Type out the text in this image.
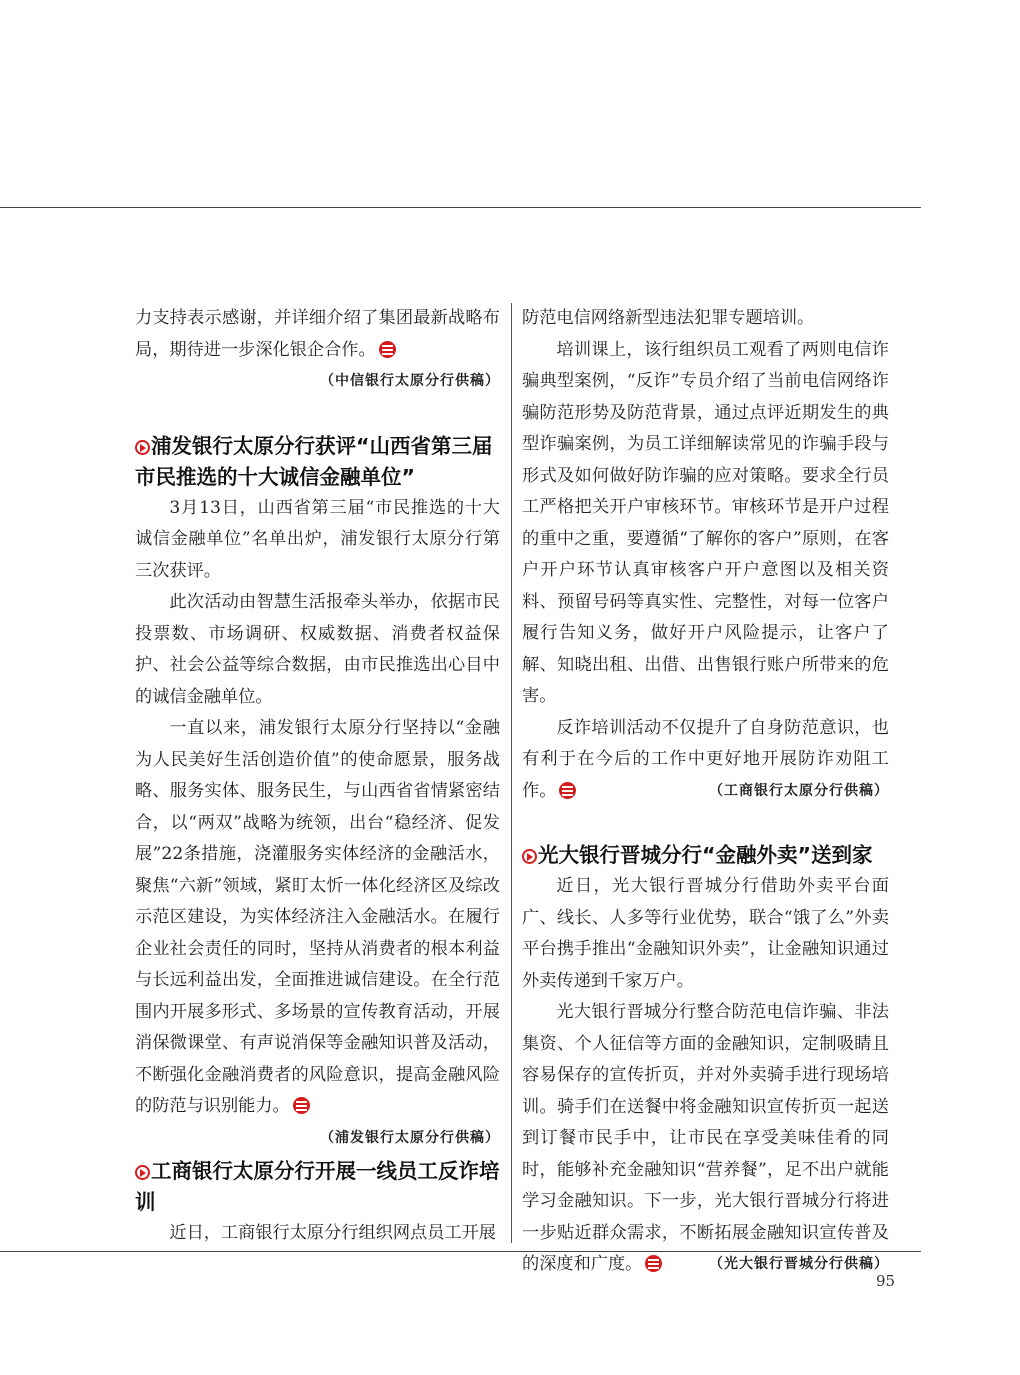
力支持表示感谢，并详细介绍了集团最新战略布局，期待进一步深化银企合作。

（中信银行太原分行供稿）

浦发银行太原分行获评“山西省第三届市民推选的十大诚信金融单位”

3月13日，山西省第三届“市民推选的十大诚信金融单位”名单出炉，浦发银行太原分行第三次获评。

此次活动由智慧生活报牵头举办，依据市民投票数、市场调研、权威数据、消费者权益保护、社会公益等综合数据，由市民推选出心目中的诚信金融单位。

一直以来，浦发银行太原分行坚持以“金融为人民美好生活创造价值”的使命愿景，服务战略、服务实体、服务民生，与山西省省情紧密结合，以“两双”战略为统领，出台“稳经济、促发展”22条措施，浇灌服务实体经济的金融活水，聚焦“六新”领域，紧盯太忻一体化经济区及综改示范区建设，为实体经济注入金融活水。在履行企业社会责任的同时，坚持从消费者的根本利益与长远利益出发，全面推进诚信建设。在全行范围内开展多形式、多场景的宣传教育活动，开展消保微课堂、有声说消保等金融知识普及活动，不断强化金融消费者的风险意识，提高金融风险的防范与识别能力。
（浦发银行太原分行供稿）

工商银行太原分行开展一线员工反诈培训

近日，工商银行太原分行组织网点员工开展

防范电信网络新型违法犯罪专题培训。

培训课上，该行组织员工观看了两则电信诈骗典型案例，“反诈”专员介绍了当前电信网络诈骗防范形势及防范背景，通过点评近期发生的典型诈骗案例，为员工详细解读常见的诈骗手段与形式及如何做好防诈骗的应对策略。要求全行员工严格把关开户审核环节。审核环节是开户过程的重中之重，要遵循“了解你的客户”原则，在客户开户环节认真审核客户开户意图以及相关资料、预留号码等真实性、完整性，对每一位客户履行告知义务，做好开户风险提示，让客户了解、知晓出租、出借、出售银行账户所带来的危害。

反诈培训活动不仅提升了自身防范意识，也有利于在今后的工作中更好地开展防诈劝阻工作。	（工商银行太原分行供稿）

光大银行晋城分行“金融外卖”送到家

近日，光大银行晋城分行借助外卖平台面广、线长、人多等行业优势，联合“饿了么”外卖平台携手推出“金融知识外卖”，让金融知识通过外卖传递到千家万户。

光大银行晋城分行整合防范电信诈骗、非法集资、个人征信等方面的金融知识，定制吸睛且容易保存的宣传折页，并对外卖骑手进行现场培训。骑手们在送餐中将金融知识宣传折页一起送到订餐市民手中，让市民在享受美味佳肴的同时，能够补充金融知识“营养餐”，足不出户就能学习金融知识。下一步，光大银行晋城分行将进一步贴近群众需求，不断拓展金融知识宣传普及的深度和广度。	（光大银行晋城分行供稿）

95
